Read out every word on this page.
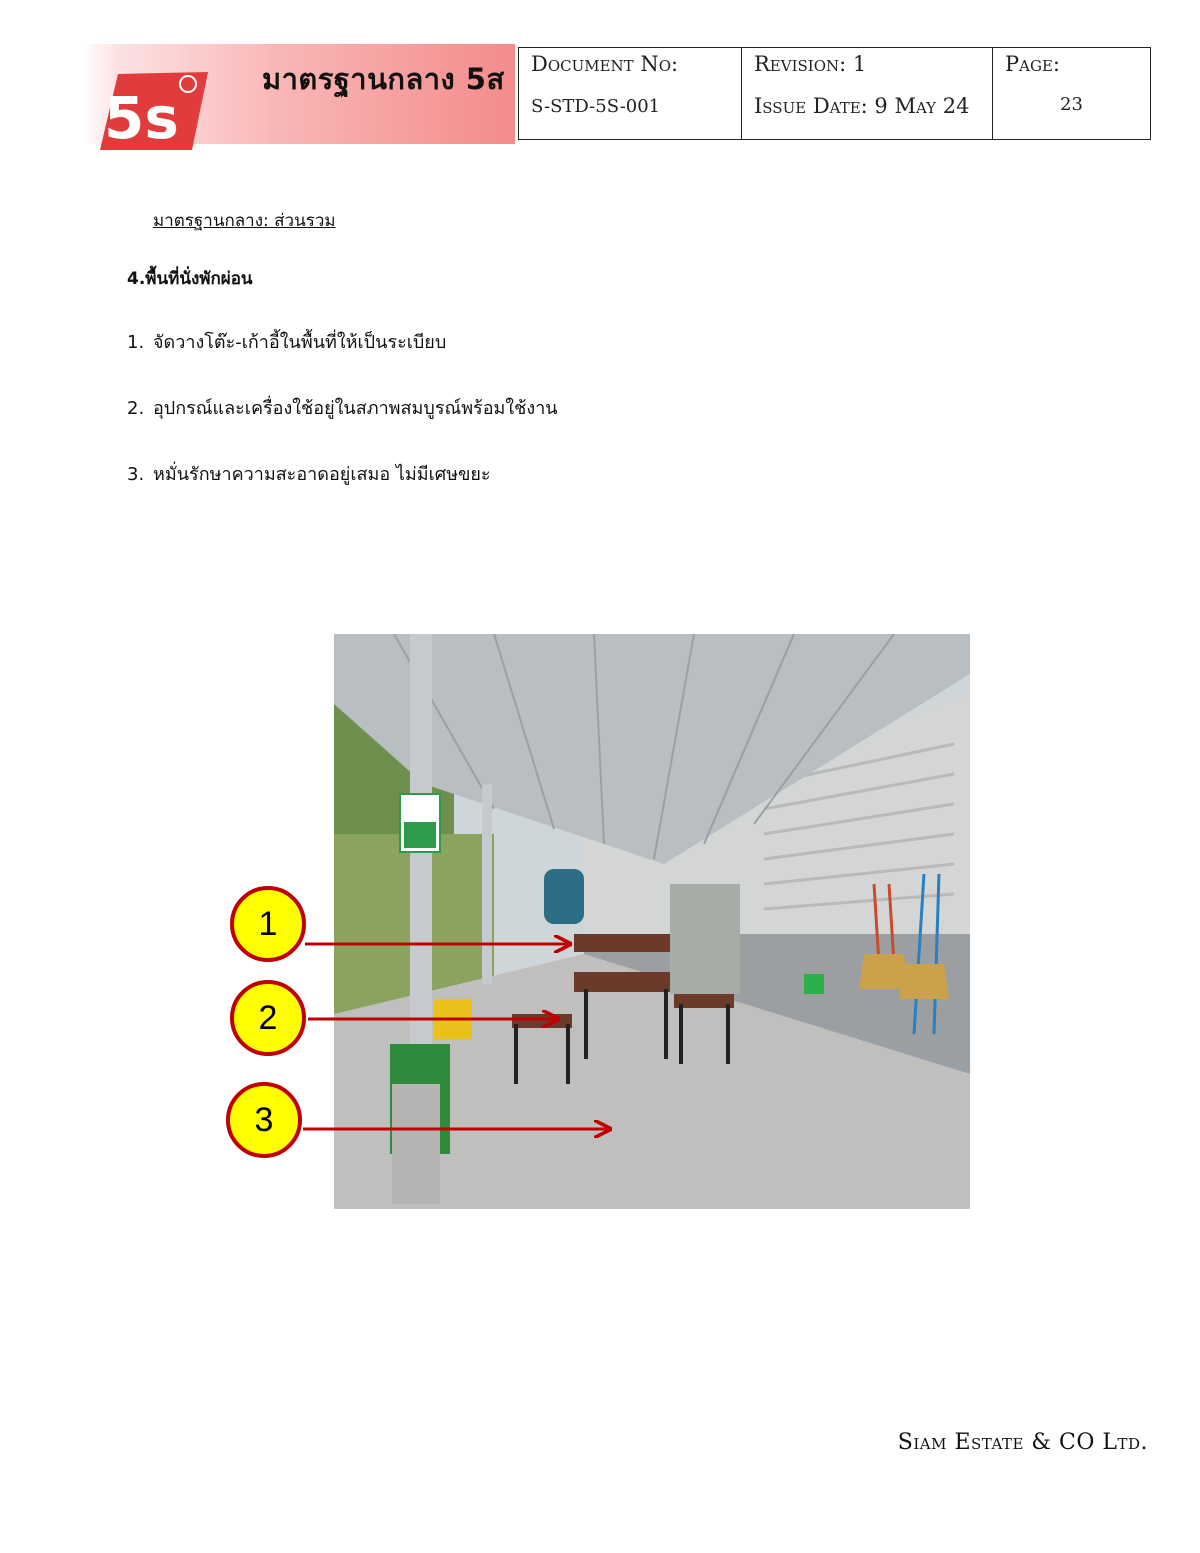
5s
มาตรฐานกลาง 5ส Document No:
S-STD-5S-001
Revision: 1
Issue Date: 9 May 24
Page:
23
มาตรฐานกลาง: ส่วนรวม
4.พื้นที่นั่งพักผ่อน
1. จัดวางโต๊ะ-เก้าอี้ในพื้นที่ให้เป็นระเบียบ
2. อุปกรณ์และเครื่องใช้อยู่ในสภาพสมบูรณ์พร้อมใช้งาน
3. หมั่นรักษาความสะอาดอยู่เสมอ ไม่มีเศษขยะ
1
2
3
Siam Estate & CO Ltd.
